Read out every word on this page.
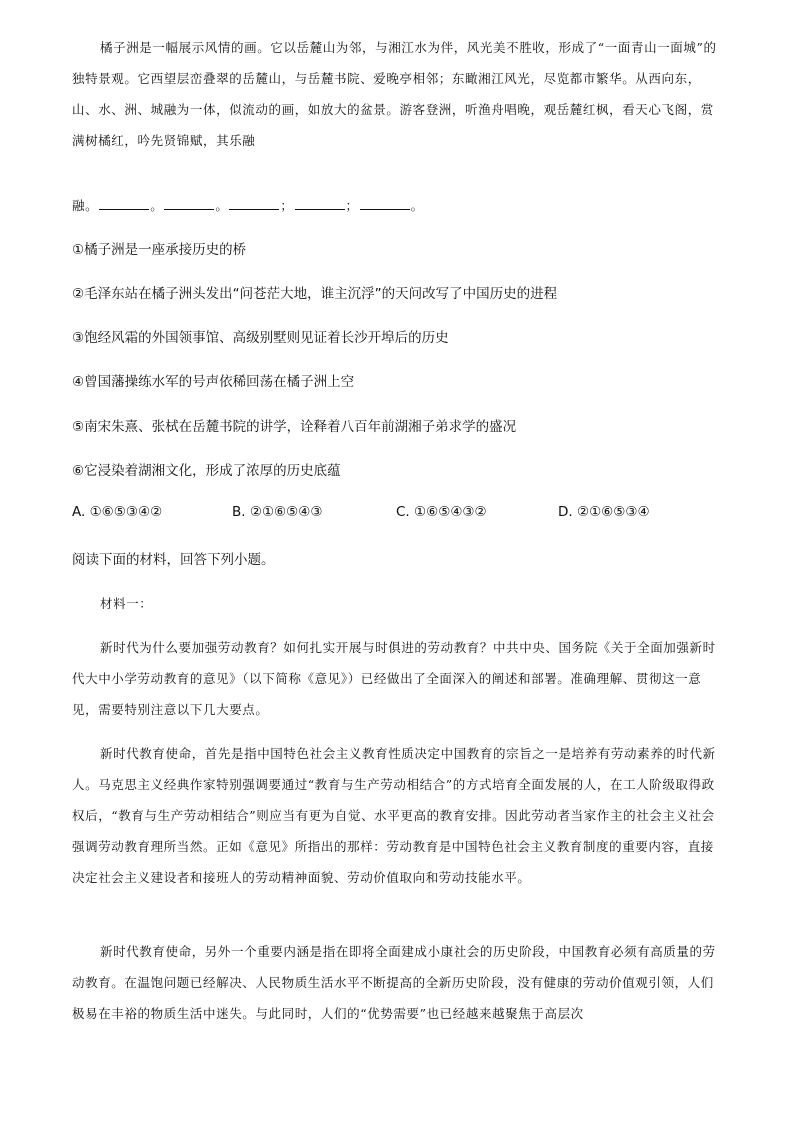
橘子洲是一幅展示风情的画。它以岳麓山为邻，与湘江水为伴，风光美不胜收，形成了“一面青山一面城”的独特景观。它西望层峦叠翠的岳麓山，与岳麓书院、爱晚亭相邻；东瞰湘江风光，尽览都市繁华。从西向东，山、水、洲、城融为一体，似流动的画，如放大的盆景。游客登洲，听渔舟唱晚，观岳麓红枫，看天心飞阁，赏满树橘红，吟先贤锦赋，其乐融

融。	。	。	；	；	。

①橘子洲是一座承接历史的桥

②毛泽东站在橘子洲头发出“问苍茫大地，谁主沉浮”的天问改写了中国历史的进程

③饱经风霜的外国领事馆、高级别墅则见证着长沙开埠后的历史

④曾国藩操练水军的号声依稀回荡在橘子洲上空

⑤南宋朱熹、张栻在岳麓书院的讲学，诠释着八百年前湖湘子弟求学的盛况

⑥它浸染着湖湘文化，形成了浓厚的历史底蕴

A. ①⑥⑤③④②	B. ②①⑥⑤④③	C. ①⑥⑤④③②	D. ②①⑥⑤③④

阅读下面的材料，回答下列小题。

材料一：

新时代为什么要加强劳动教育？如何扎实开展与时俱进的劳动教育？中共中央、国务院《关于全面加强新时代大中小学劳动教育的意见》（以下简称《意见》）已经做出了全面深入的阐述和部署。准确理解、贯彻这一意见，需要特别注意以下几大要点。

新时代教育使命，首先是指中国特色社会主义教育性质决定中国教育的宗旨之一是培养有劳动素养的时代新人。马克思主义经典作家特别强调要通过“教育与生产劳动相结合”的方式培育全面发展的人，在工人阶级取得政权后，“教育与生产劳动相结合”则应当有更为自觉、水平更高的教育安排。因此劳动者当家作主的社会主义社会强调劳动教育理所当然。正如《意见》所指出的那样：劳动教育是中国特色社会主义教育制度的重要内容，直接决定社会主义建设者和接班人的劳动精神面貌、劳动价值取向和劳动技能水平。

新时代教育使命，另外一个重要内涵是指在即将全面建成小康社会的历史阶段，中国教育必须有高质量的劳动教育。在温饱问题已经解决、人民物质生活水平不断提高的全新历史阶段，没有健康的劳动价值观引领，人们极易在丰裕的物质生活中迷失。与此同时，人们的“优势需要”也已经越来越聚焦于高层次
